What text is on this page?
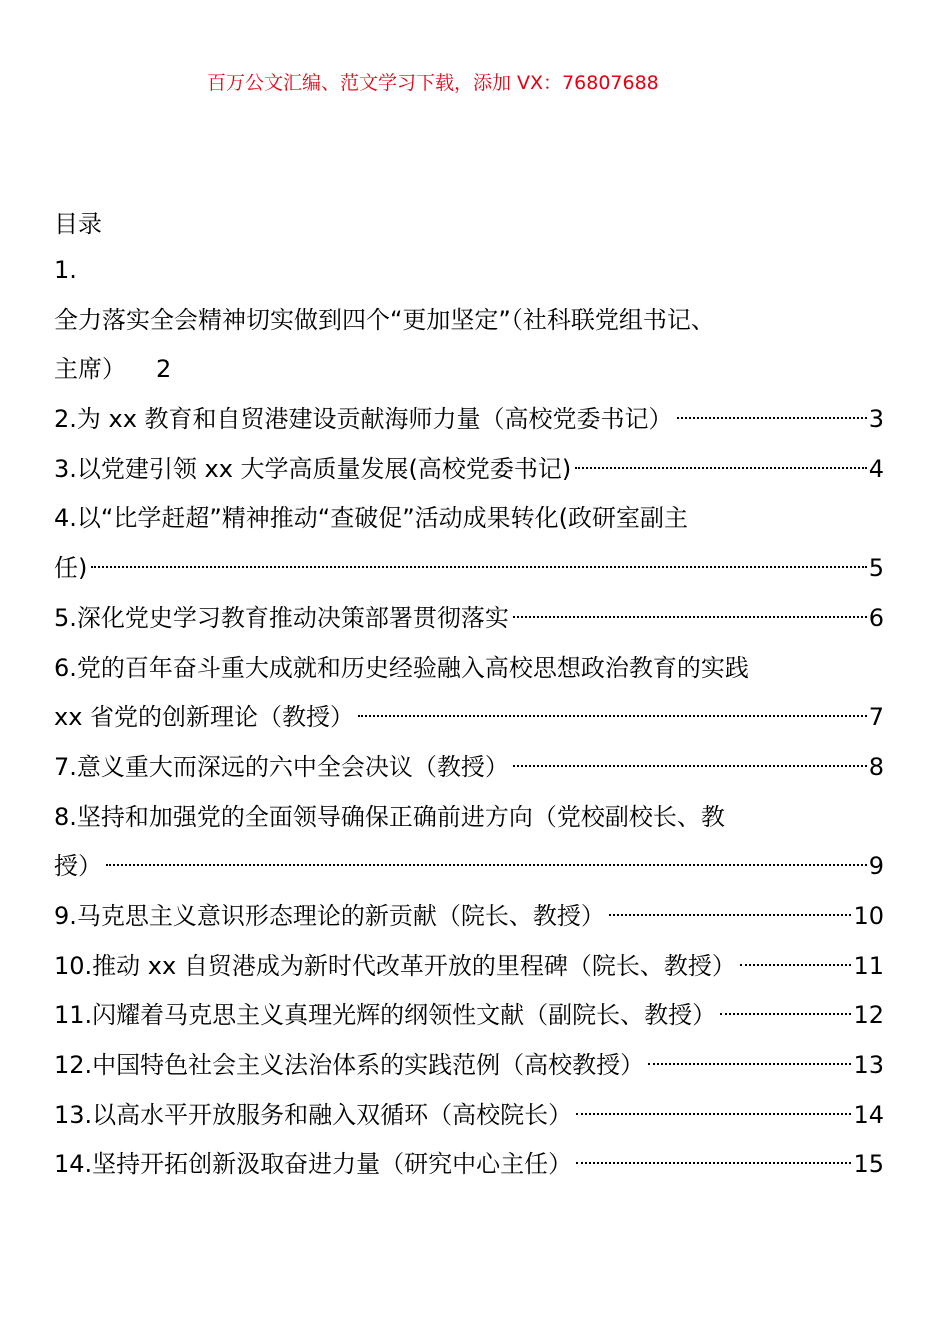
百万公文汇编、范文学习下载，添加 VX：76807688
目录
1.
全力落实全会精神切实做到四个“更加坚定”（社科联党组书记、
主席） 2
2.为 xx 教育和自贸港建设贡献海师力量（高校党委书记）	3
3.以党建引领 xx 大学高质量发展(高校党委书记)	4
4.以“比学赶超”精神推动“查破促”活动成果转化(政研室副主
任)	5
5.深化党史学习教育推动决策部署贯彻落实	6
6.党的百年奋斗重大成就和历史经验融入高校思想政治教育的实践
xx 省党的创新理论（教授）	7
7.意义重大而深远的六中全会决议（教授）	8
8.坚持和加强党的全面领导确保正确前进方向（党校副校长、教
授）	9
9.马克思主义意识形态理论的新贡献（院长、教授）	10
10.推动 xx 自贸港成为新时代改革开放的里程碑（院长、教授）	11
11.闪耀着马克思主义真理光辉的纲领性文献（副院长、教授）	12
12.中国特色社会主义法治体系的实践范例（高校教授）	13
13.以高水平开放服务和融入双循环（高校院长）	14
14.坚持开拓创新汲取奋进力量（研究中心主任）	15
